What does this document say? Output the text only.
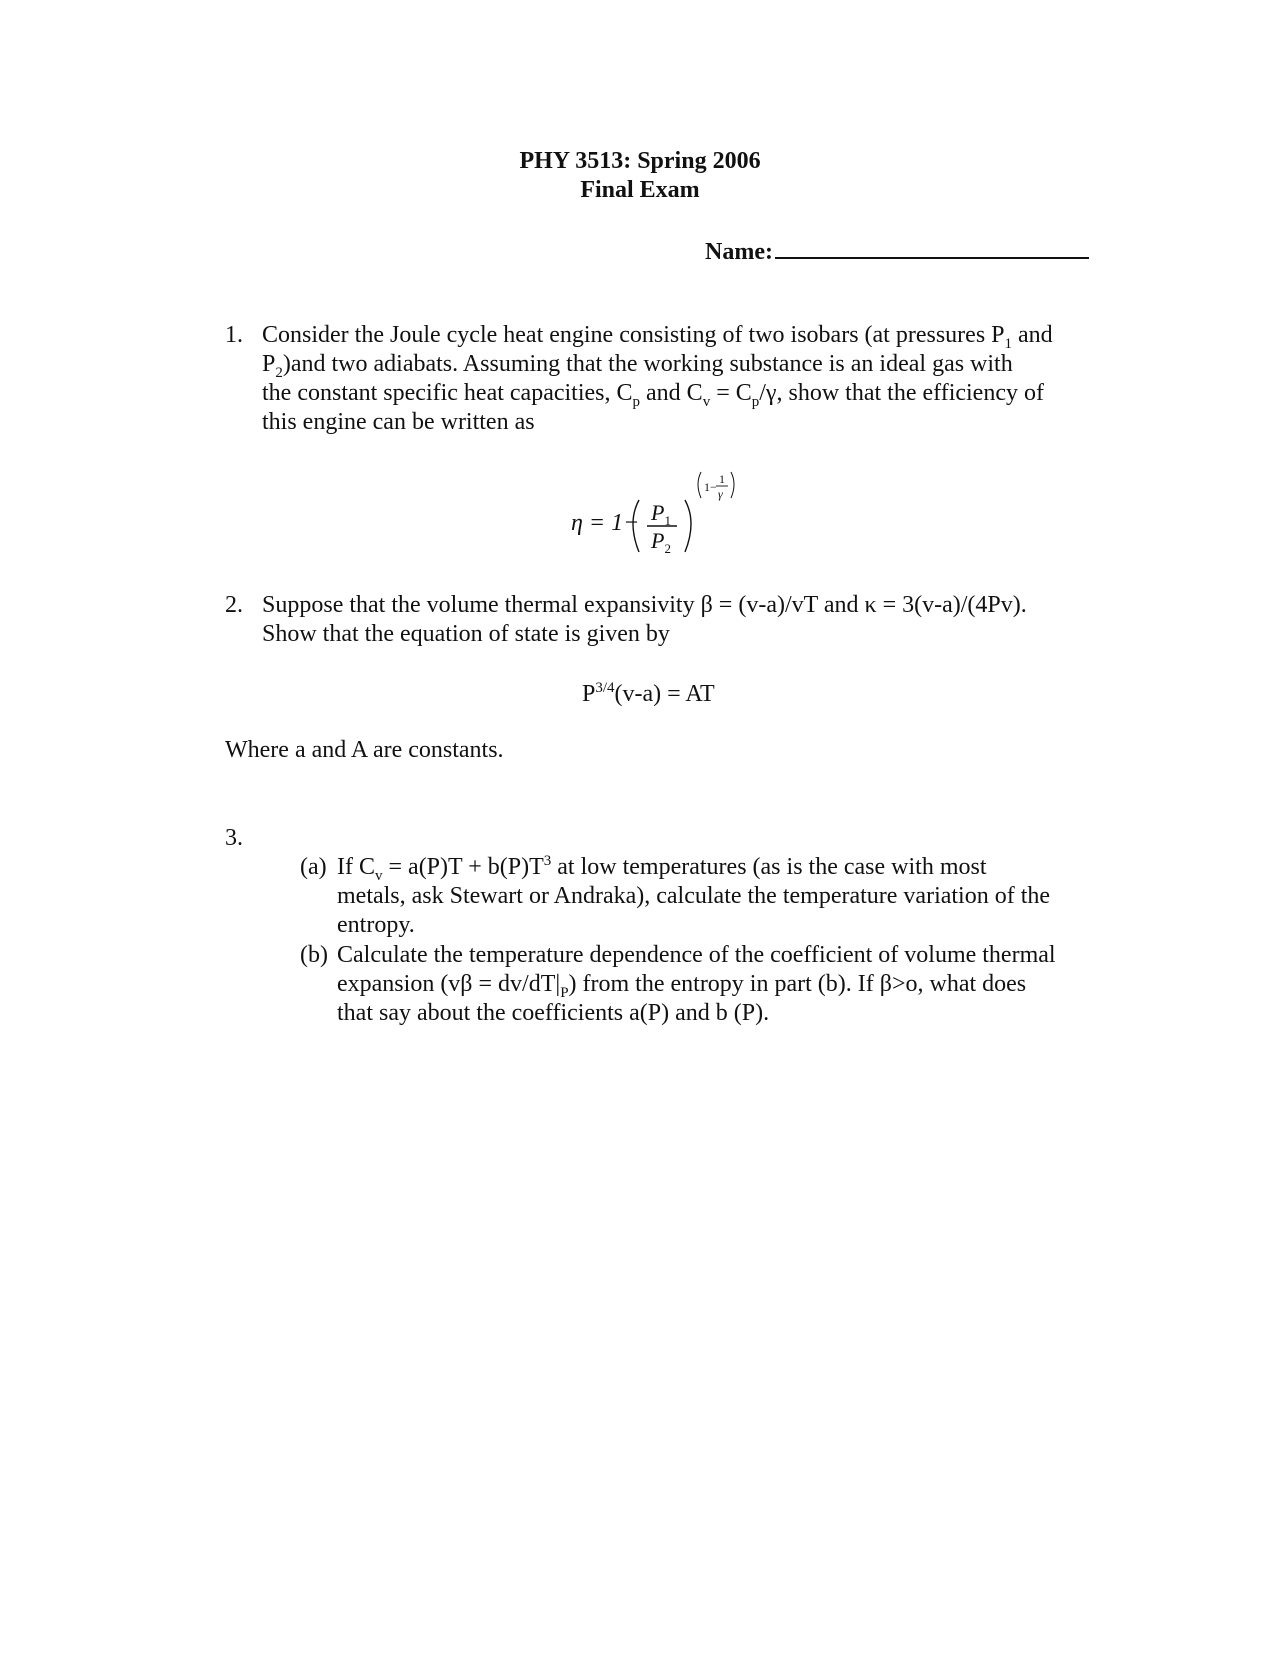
PHY 3513: Spring 2006
Final Exam
Name:
1. Consider the Joule cycle heat engine consisting of two isobars (at pressures $P_1$ and
$P_2)and$ two adiabats. Assuming that the working substance is an ideal gas with
the constant specific heat capacities, $C_p$ and $C_v = C_p/\gamma$, show that the efficiency of
this engine can be written as
$\eta = 1- P_1$
$P_2$
1−
1
γ
2. Suppose that the volume thermal expansivity β = (v-a)/vT and κ = 3(v-a)/(4Pv).
Show that the equation of state is given by
$P^{3/4}(v-a)$ = AT
Where a and A are constants.
3.
(a) If $C_v = a(P)T + b(P)T^3$ at low temperatures (as is the case with most
metals, ask Stewart or Andraka), calculate the temperature variation of the
entropy.
(b) Calculate the temperature dependence of the coefficient of volume thermal
expansion $(v\beta = dv/dT|_P)$ from the entropy in part (b). If β>o, what does
that say about the coefficients a(P) and b (P).
